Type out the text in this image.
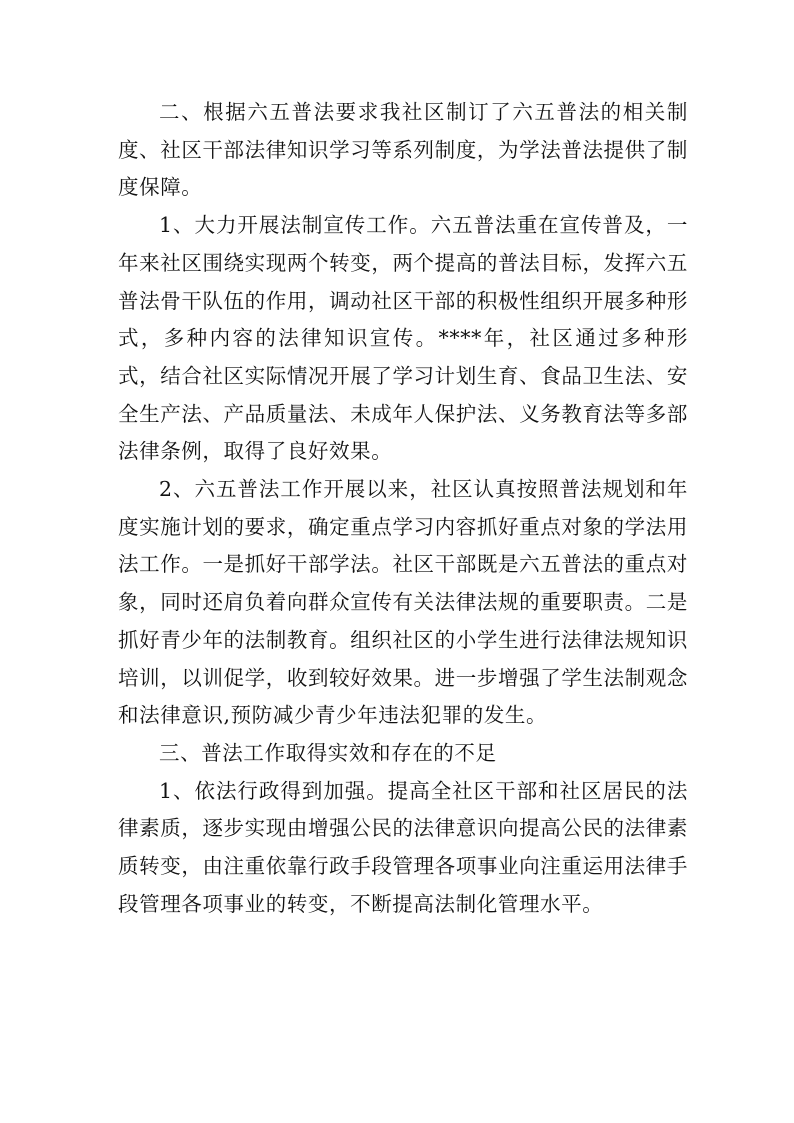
二、根据六五普法要求我社区制订了六五普法的相关制度、社区干部法律知识学习等系列制度，为学法普法提供了制度保障。

1、大力开展法制宣传工作。六五普法重在宣传普及，一年来社区围绕实现两个转变，两个提高的普法目标，发挥六五普法骨干队伍的作用，调动社区干部的积极性组织开展多种形式，多种内容的法律知识宣传。****年，社区通过多种形式，结合社区实际情况开展了学习计划生育、食品卫生法、安全生产法、产品质量法、未成年人保护法、义务教育法等多部法律条例，取得了良好效果。

2、六五普法工作开展以来，社区认真按照普法规划和年度实施计划的要求，确定重点学习内容抓好重点对象的学法用法工作。一是抓好干部学法。社区干部既是六五普法的重点对象，同时还肩负着向群众宣传有关法律法规的重要职责。二是抓好青少年的法制教育。组织社区的小学生进行法律法规知识培训，以训促学，收到较好效果。进一步增强了学生法制观念和法律意识,预防减少青少年违法犯罪的发生。

三、普法工作取得实效和存在的不足

1、依法行政得到加强。提高全社区干部和社区居民的法律素质，逐步实现由增强公民的法律意识向提高公民的法律素质转变，由注重依靠行政手段管理各项事业向注重运用法律手段管理各项事业的转变，不断提高法制化管理水平。
